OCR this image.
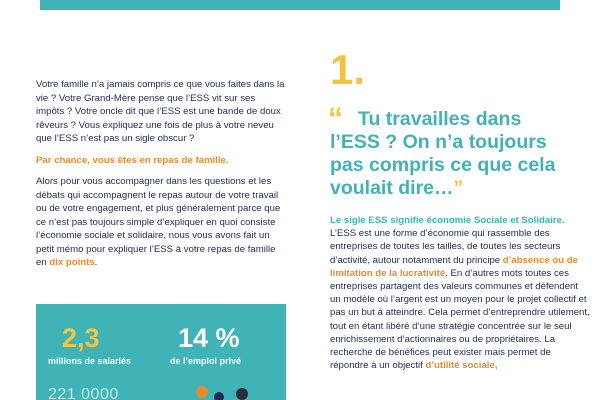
Votre famille n’a jamais compris ce que vous faites dans la vie ? Votre Grand-Mère pense que l’ESS vit sur ses impôts ? Votre oncle dit que l’ESS est une bande de doux rêveurs ? Vous expliquez une fois de plus à votre neveu que l’ESS n’est pas un sigle obscur ?

Par chance, vous êtes en repas de famille.

Alors pour vous accompagner dans les questions et les débats qui accompagnent le repas autour de votre travail ou de votre engagement, et plus généralement parce que ce n’est pas toujours simple d’expliquer en quoi consiste l’économie sociale et solidaire, nous vous avons fait un petit mémo pour expliquer l’ESS à votre repas de famille en dix points.

2,3
millions de salariés
14 %
de l’emploi privé
221 0000
1.
“ Tu travailles dans l’ESS ? On n’a toujours pas compris ce que cela voulait dire…”
Le sigle ESS signifie économie Sociale et Solidaire. L’ESS est une forme d’économie qui rassemble des entreprises de toutes les tailles, de toutes les secteurs d’activité, autour notamment du principe d’absence ou de limitation de la lucrativité. En d’autres mots toutes ces entreprises partagent des valeurs communes et défendent un modèle où l’argent est un moyen pour le projet collectif et pas un but à atteindre. Cela permet d’entreprendre utilement, tout en étant libéré d’une stratégie concentrée sur le seul enrichissement d’actionnaires ou de propriétaires. La recherche de bénéfices peut exister mais permet de répondre à un objectif d’utilité sociale,
